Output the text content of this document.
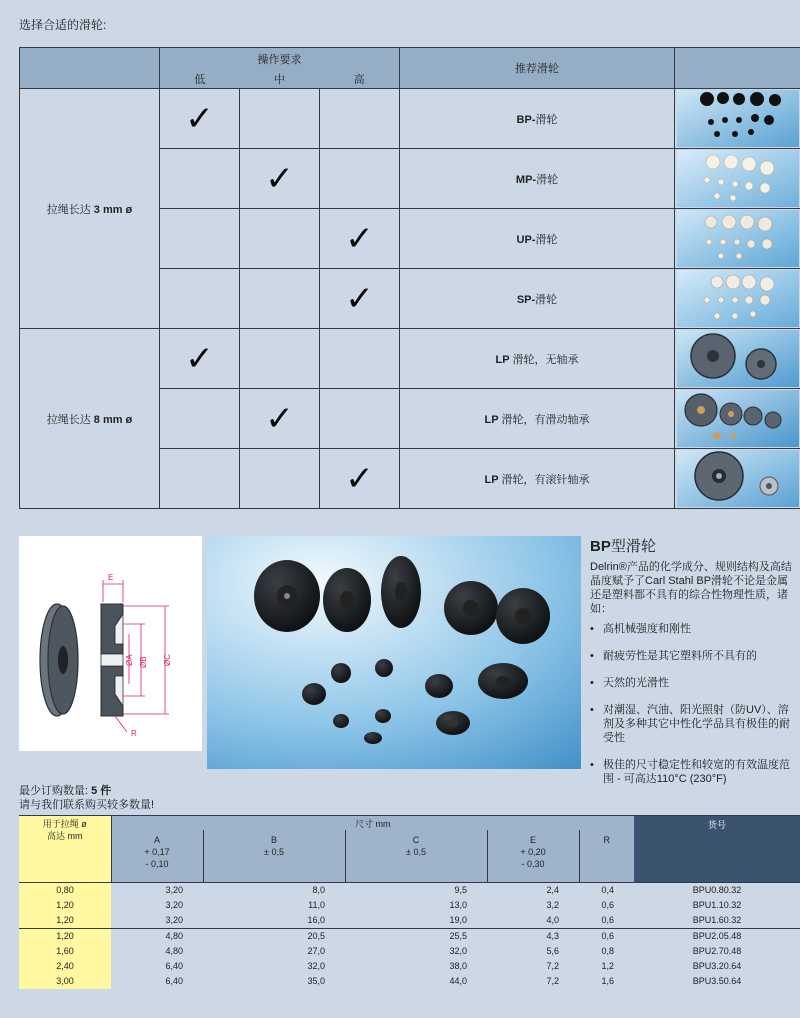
选择合适的滑轮:

	操作要求
低 中 高			推荐滑轮	
拉绳长达 3 mm ø	✓			BP-滑轮	

		✓		MP-滑轮	

			✓	UP-滑轮	

			✓	SP-滑轮	

拉绳长达 8 mm ø	✓			LP 滑轮，无轴承	

		✓		LP 滑轮，有滑动轴承	

			✓	LP 滑轮，有滚针轴承	
E
ØA ØB ØC
R
BP型滑轮
Delrin®产品的化学成分、规则结构及高结晶度赋予了Carl Stahl BP滑轮不论是金属还是塑料都不具有的综合性物理性质，诸如：
• 高机械强度和刚性
• 耐疲劳性是其它塑料所不具有的
• 天然的光滑性
• 对潮湿、汽油、阳光照射（防UV）、溶剂及多种其它中性化学品具有极佳的耐受性
• 极佳的尺寸稳定性和较宽的有效温度范围 - 可高达110°C (230°F)
最少订购数量: 5 件
请与我们联系购买较多数量!
用于拉绳 ø
高达 mm	尺寸 mm					货号
	A
+ 0,17
- 0,10	B
± 0,5	C
± 0,5	E
+ 0,20
- 0,30	R	
0,80	3,20	8,0	9,5	2,4	0,4	BPU0.80.32
1,20	3,20	11,0	13,0	3,2	0,6	BPU1.10.32
1,20	3,20	16,0	19,0	4,0	0,6	BPU1.60.32
1,20	4,80	20,5	25,5	4,3	0,6	BPU2.05.48
1,60	4,80	27,0	32,0	5,6	0,8	BPU2.70.48
2,40	6,40	32,0	38,0	7,2	1,2	BPU3.20.64
3,00	6,40	35,0	44,0	7,2	1,6	BPU3.50.64
